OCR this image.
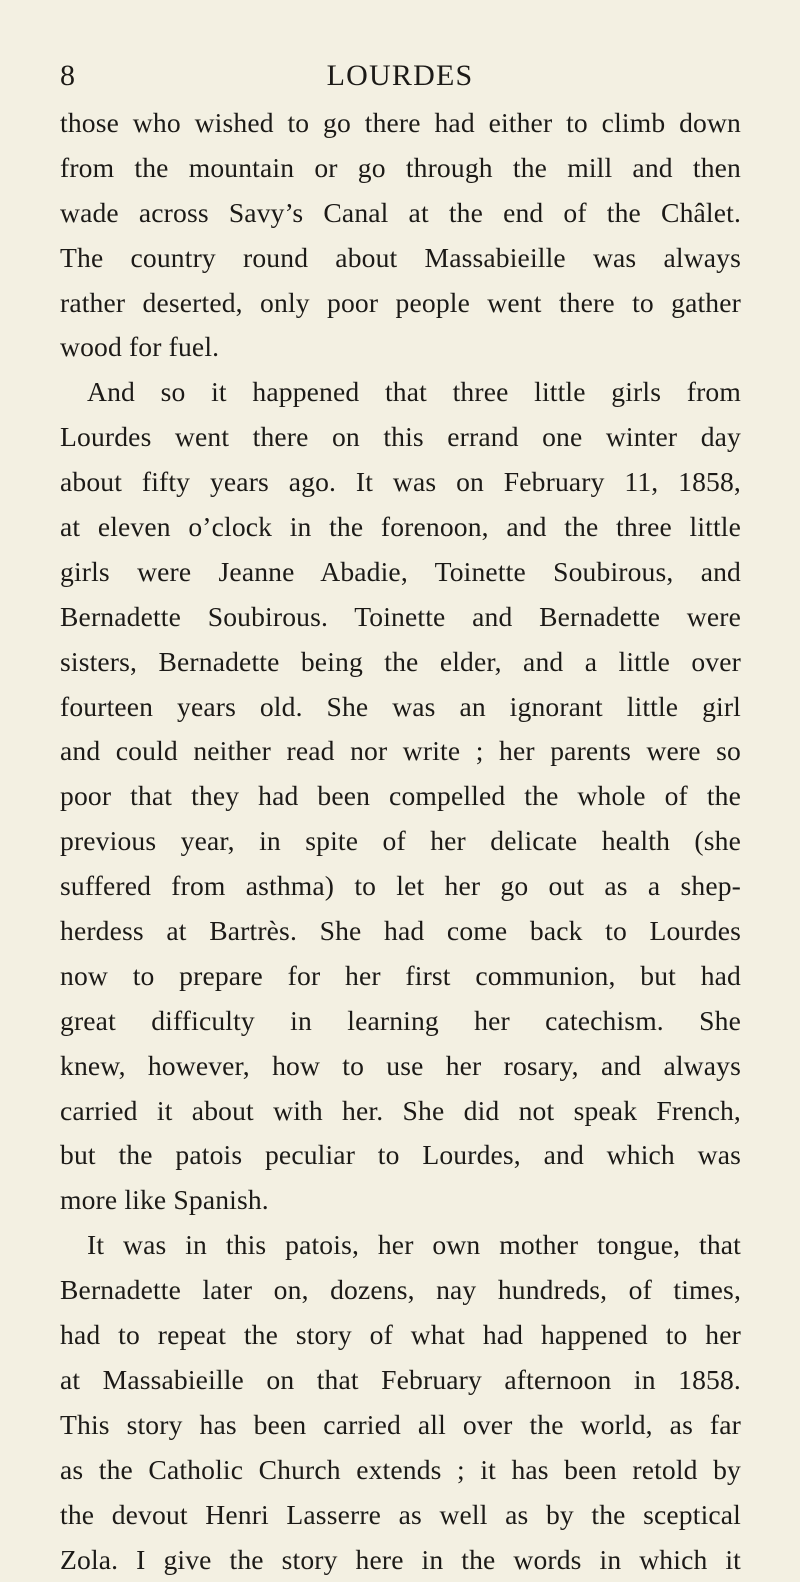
8	LOURDES
those who wished to go there had either to climb down
from the mountain or go through the mill and then
wade across Savy’s Canal at the end of the Châlet.
The country round about Massabieille was always
rather deserted, only poor people went there to gather
wood for fuel.
And so it happened that three little girls from
Lourdes went there on this errand one winter day
about fifty years ago. It was on February 11, 1858,
at eleven o’clock in the forenoon, and the three little
girls were Jeanne Abadie, Toinette Soubirous, and
Bernadette Soubirous. Toinette and Bernadette were
sisters, Bernadette being the elder, and a little over
fourteen years old. She was an ignorant little girl
and could neither read nor write ; her parents were so
poor that they had been compelled the whole of the
previous year, in spite of her delicate health (she
suffered from asthma) to let her go out as a shep-
herdess at Bartrès. She had come back to Lourdes
now to prepare for her first communion, but had
great difficulty in learning her catechism. She
knew, however, how to use her rosary, and always
carried it about with her. She did not speak French,
but the patois peculiar to Lourdes, and which was
more like Spanish.
It was in this patois, her own mother tongue, that
Bernadette later on, dozens, nay hundreds, of times,
had to repeat the story of what had happened to her
at Massabieille on that February afternoon in 1858.
This story has been carried all over the world, as far
as the Catholic Church extends ; it has been retold by
the devout Henri Lasserre as well as by the sceptical
Zola. I give the story here in the words in which it
